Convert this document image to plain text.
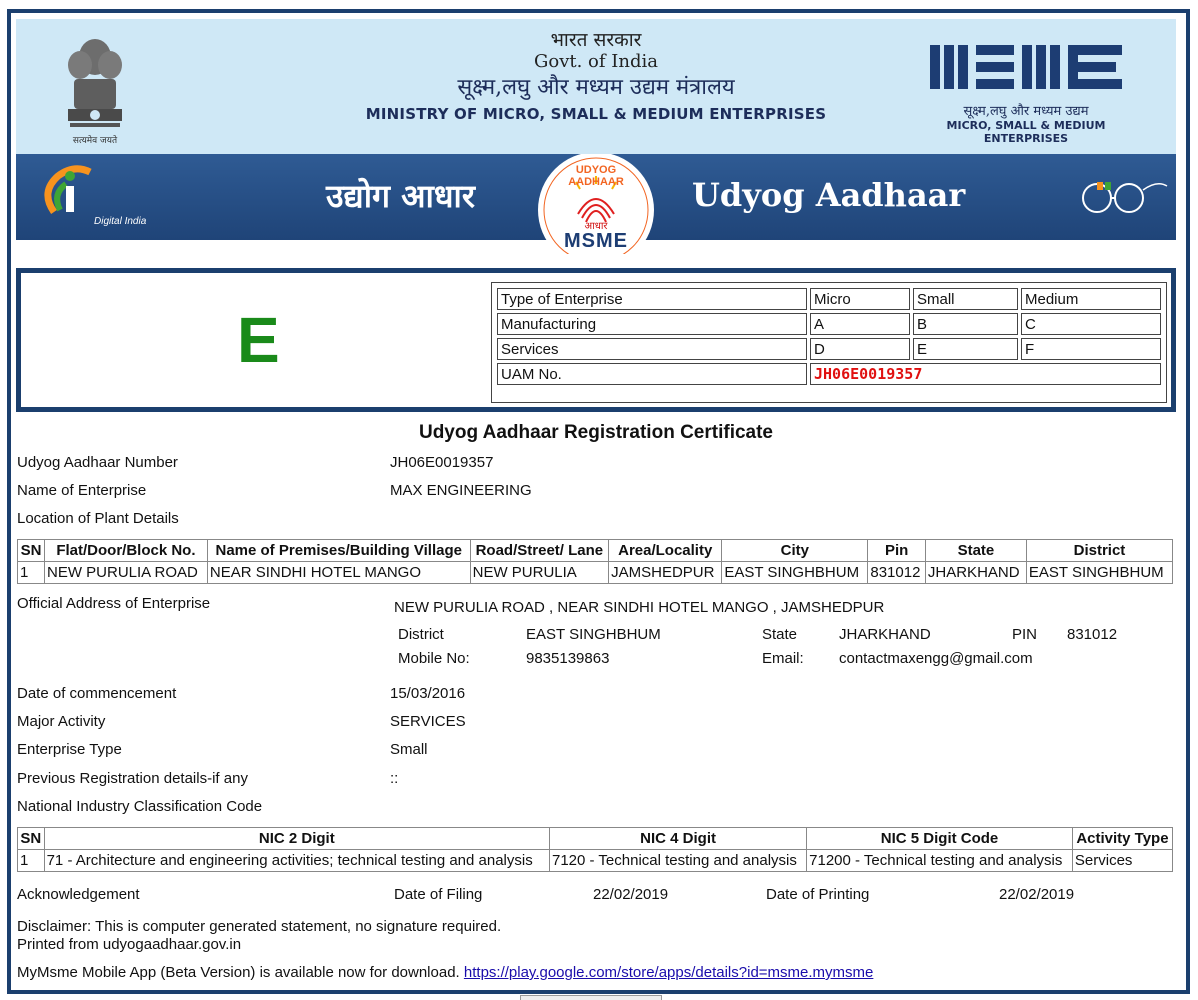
सत्यमेव जयते
भारत सरकार
Govt. of India
सूक्ष्म,लघु और मध्यम उद्यम मंत्रालय
MINISTRY OF MICRO, SMALL & MEDIUM ENTERPRISES	सूक्ष्म,लघु और मध्यम उद्यम
MICRO, SMALL & MEDIUM ENTERPRISES
Digital India
उद्योग आधार
UDYOG AADHAAR
आधार
MSME
Udyog Aadhaar
E
Type of Enterprise	Micro	Small	Medium
Manufacturing	A	B	C
Services	D	E	F
UAM No.	JH06E0019357		
Udyog Aadhaar Registration Certificate
Udyog Aadhaar Number	JH06E0019357
Name of Enterprise	MAX ENGINEERING
Location of Plant Details
SN	Flat/Door/Block No.	Name of Premises/Building Village	Road/Street/ Lane	Area/Locality	City	Pin	State	District
1	NEW PURULIA ROAD	NEAR SINDHI HOTEL MANGO	NEW PURULIA	JAMSHEDPUR	EAST SINGHBHUM	831012	JHARKHAND	EAST SINGHBHUM
Official Address of Enterprise	NEW PURULIA ROAD , NEAR SINDHI HOTEL MANGO , JAMSHEDPUR
District	EAST SINGHBHUM	State	JHARKHAND	PIN 831012
Mobile No:	9835139863	Email: contactmaxengg@gmail.com
Date of commencement	15/03/2016
Major Activity	SERVICES
Enterprise Type	Small
Previous Registration details-if any	::
National Industry Classification Code
SN	NIC 2 Digit	NIC 4 Digit	NIC 5 Digit Code	Activity Type
1	71 - Architecture and engineering activities; technical testing and analysis	7120 - Technical testing and analysis	71200 - Technical testing and analysis	Services
Acknowledgement	Date of Filing	22/02/2019	Date of Printing	22/02/2019
Disclaimer: This is computer generated statement, no signature required.
Printed from udyogaadhaar.gov.in
MyMsme Mobile App (Beta Version) is available now for download. https://play.google.com/store/apps/details?id=msme.mymsme
